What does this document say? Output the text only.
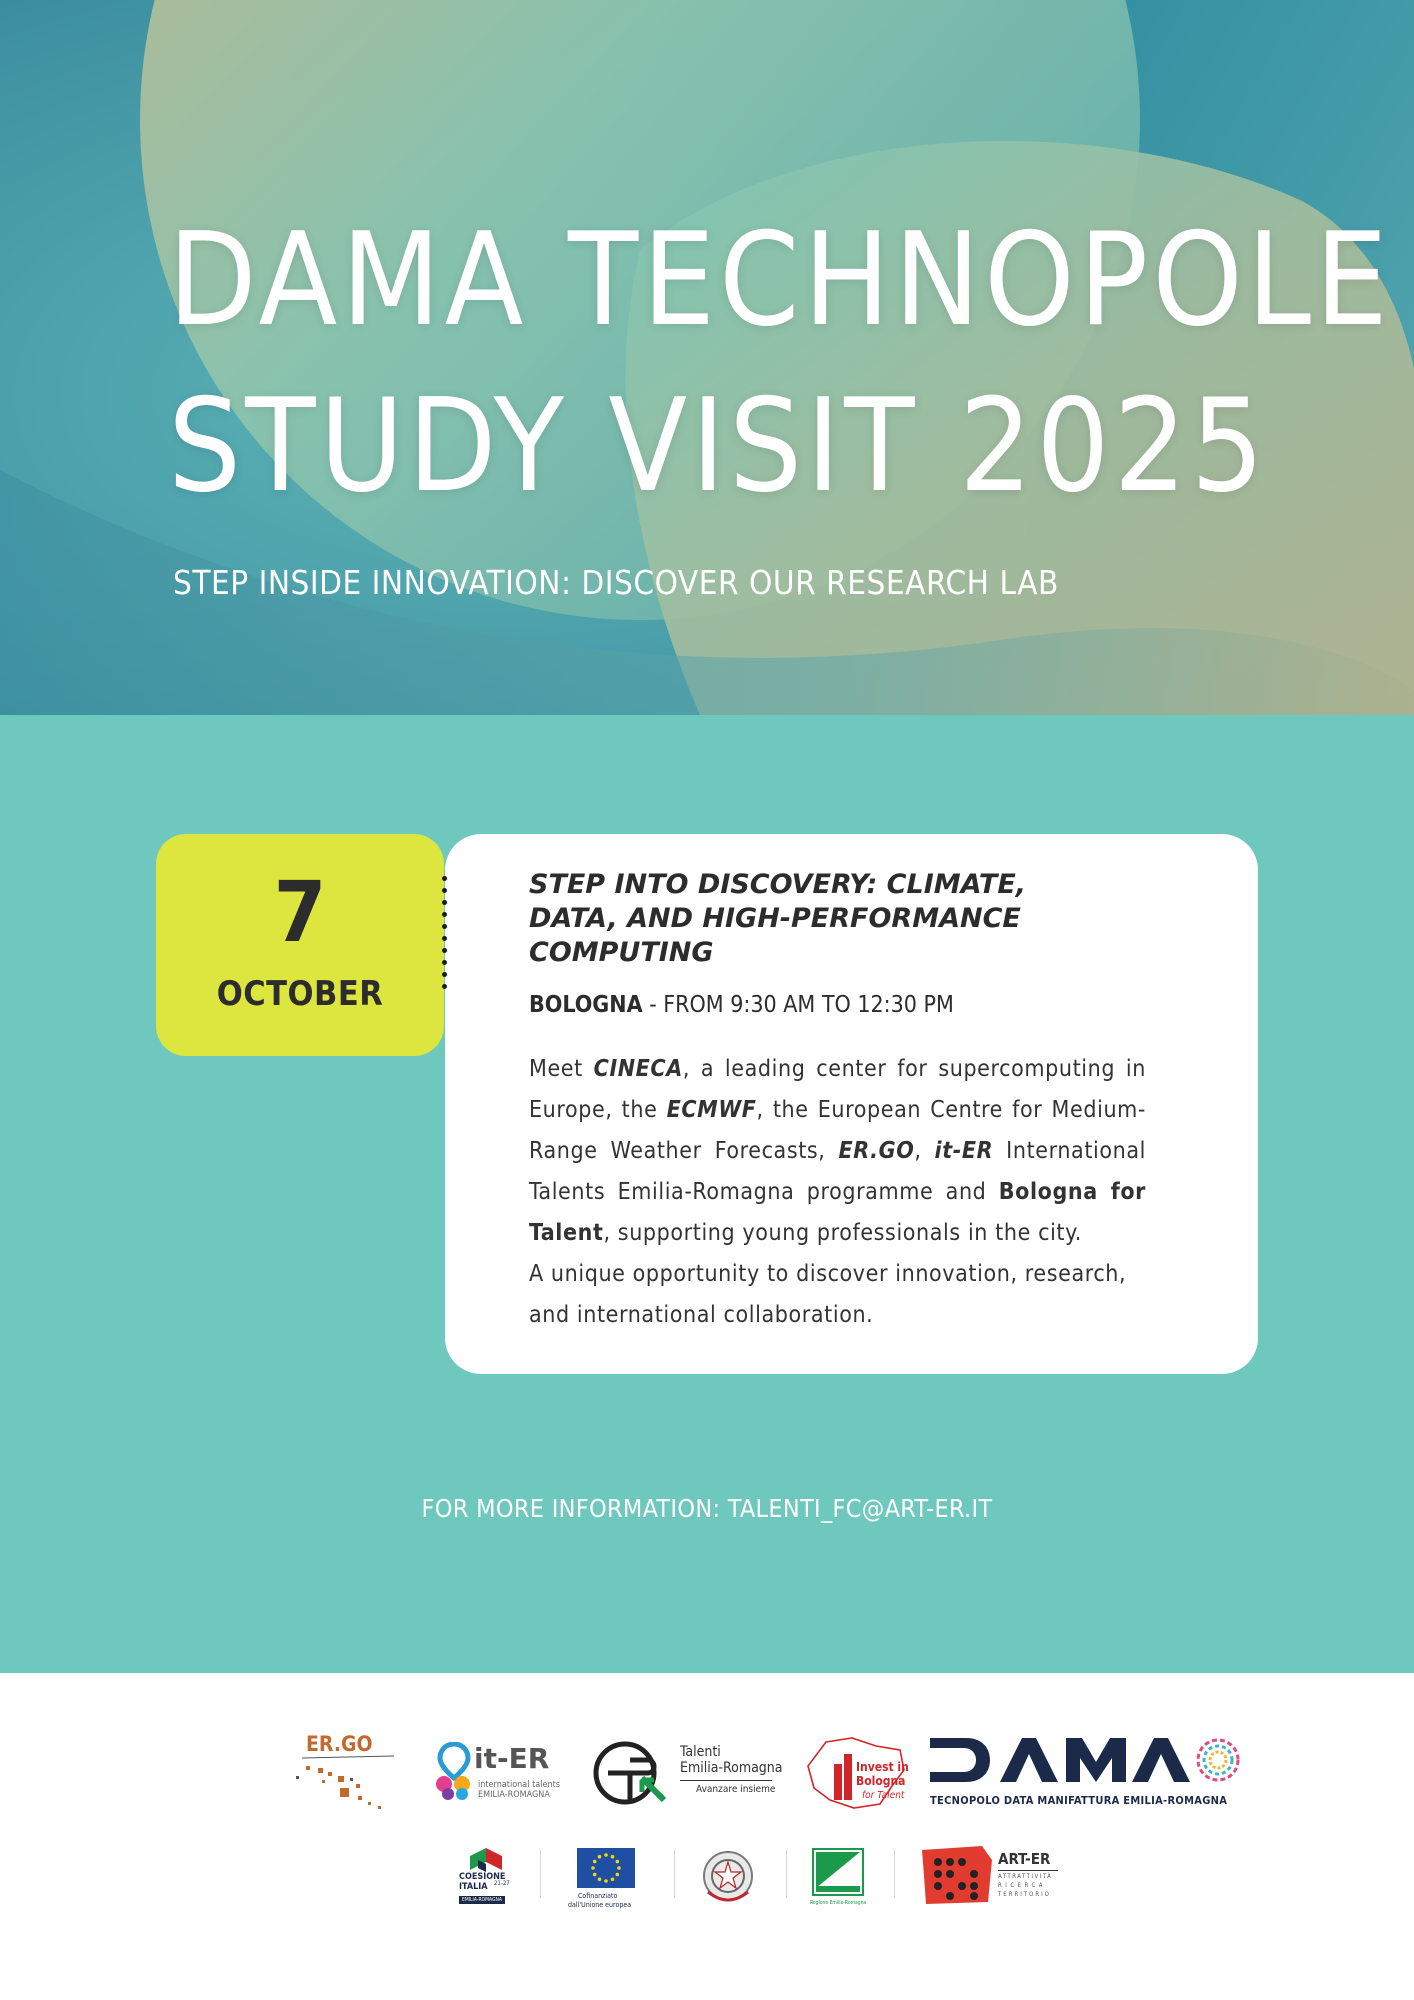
DAMA TECHNOPOLE
STUDY VISIT 2025
STEP INSIDE INNOVATION: DISCOVER OUR RESEARCH LAB
7
OCTOBER
STEP INTO DISCOVERY: CLIMATE, DATA, AND HIGH-PERFORMANCE COMPUTING
BOLOGNA - FROM 9:30 AM TO 12:30 PM

Meet CINECA, a leading center for supercomputing in Europe, the ECMWF, the European Centre for Medium-Range Weather Forecasts, ER.GO, it-ER International Talents Emilia-Romagna programme and Bologna for Talent, supporting young professionals in the city.
A unique opportunity to discover innovation, research, and international collaboration.

FOR MORE INFORMATION: TALENTI_FC@ART-ER.IT
ER.GO	it-ER
international talents
EMILIA-ROMAGNA
Talenti
Emilia-Romagna
Avanzare insieme
Invest in
Bologna
for Talent TECNOPOLO DATA MANIFATTURA EMILIA-ROMAGNA
COESIONE
ITALIA 21-27
EMILIA-ROMAGNA	Cofinanziato
dall'Unione europea	Regione Emilia-Romagna
ART-ER
ATTRATTIVITÀ
RICERCA
TERRITORIO
